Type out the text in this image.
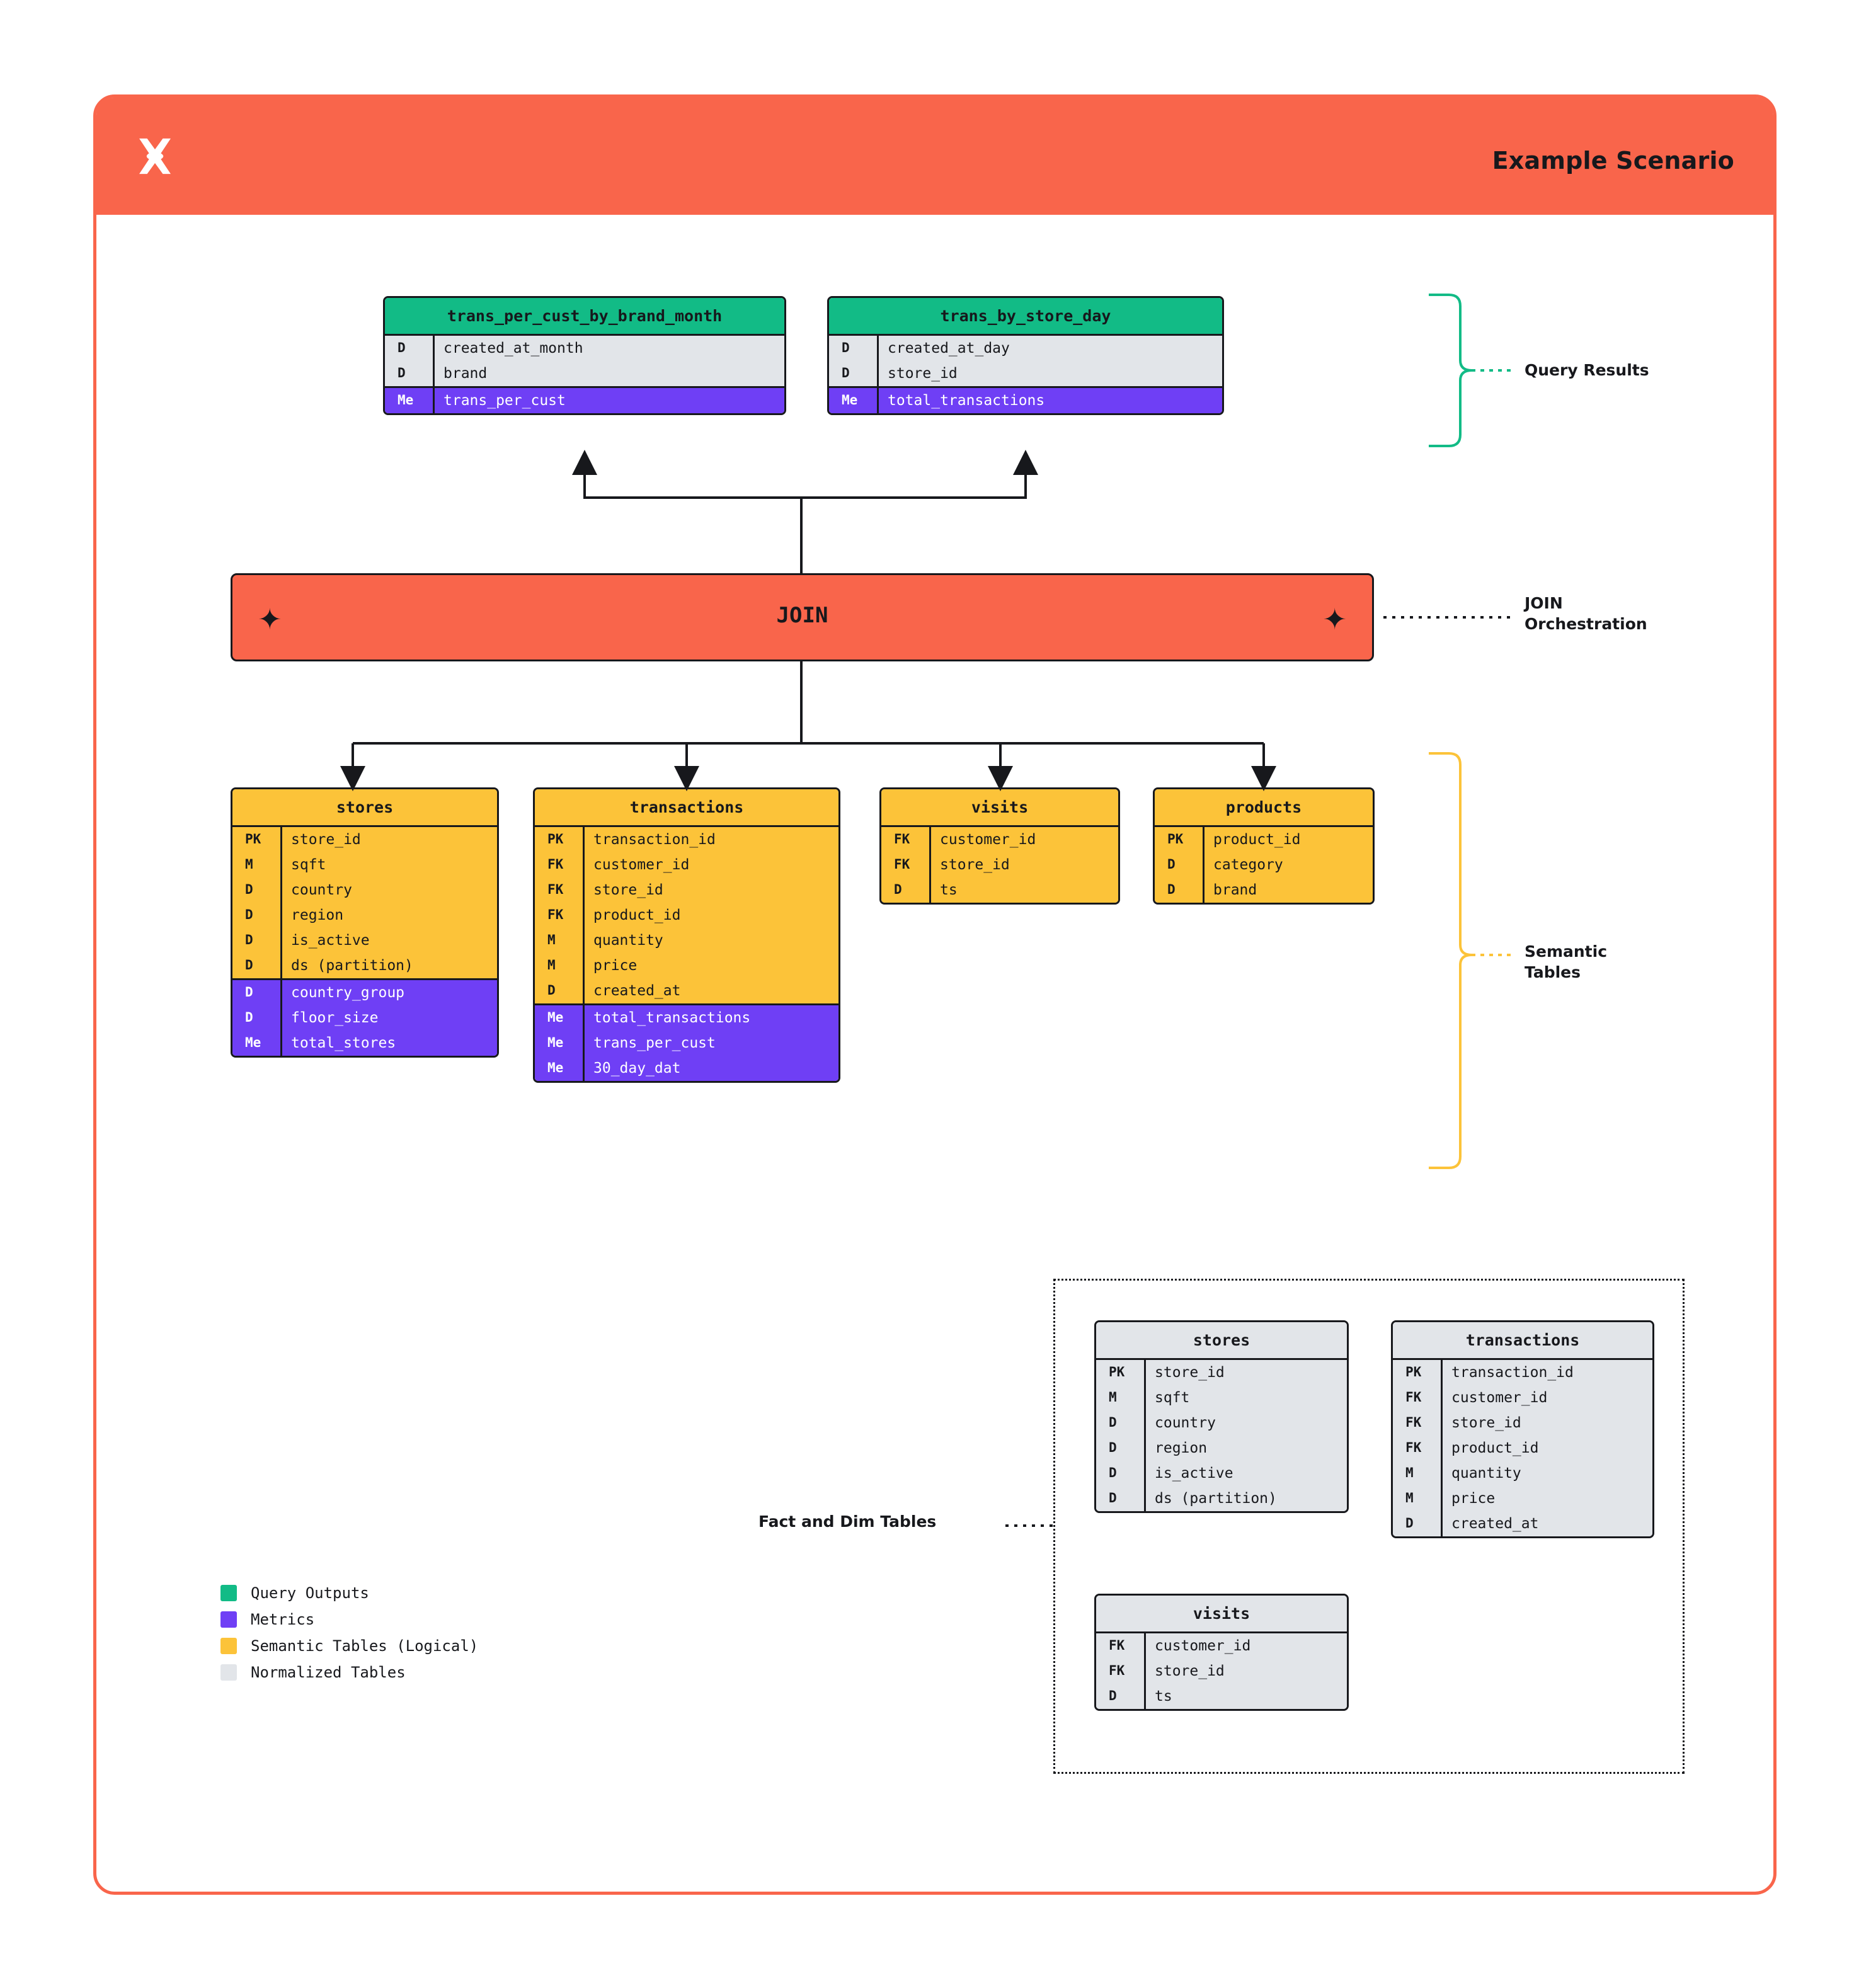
Example Scenario
trans_per_cust_by_brand_month
D	created_at_month
D	brand
Me	trans_per_cust
trans_by_store_day
D	created_at_day
D	store_id
Me	total_transactions
✦	JOIN	✦
stores
PK	store_id
M	sqft
D	country
D	region
D	is_active
D	ds (partition)
D	country_group
D	floor_size
Me	total_stores
transactions
PK	transaction_id
FK	customer_id
FK	store_id
FK	product_id
M	quantity
M	price
D	created_at
Me	total_transactions
Me	trans_per_cust
Me	30_day_dat
visits
FK	customer_id
FK	store_id
D	ts
products
PK	product_id
D	category
D	brand
stores
PK	store_id
M	sqft
D	country
D	region
D	is_active
D	ds (partition)
transactions
PK	transaction_id
FK	customer_id
FK	store_id
FK	product_id
M	quantity
M	price
D	created_at
visits
FK	customer_id
FK	store_id
D	ts
Query Results
JOIN
Orchestration
Semantic
Tables
Fact and Dim Tables
Query Outputs
Metrics
Semantic Tables (Logical)
Normalized Tables
